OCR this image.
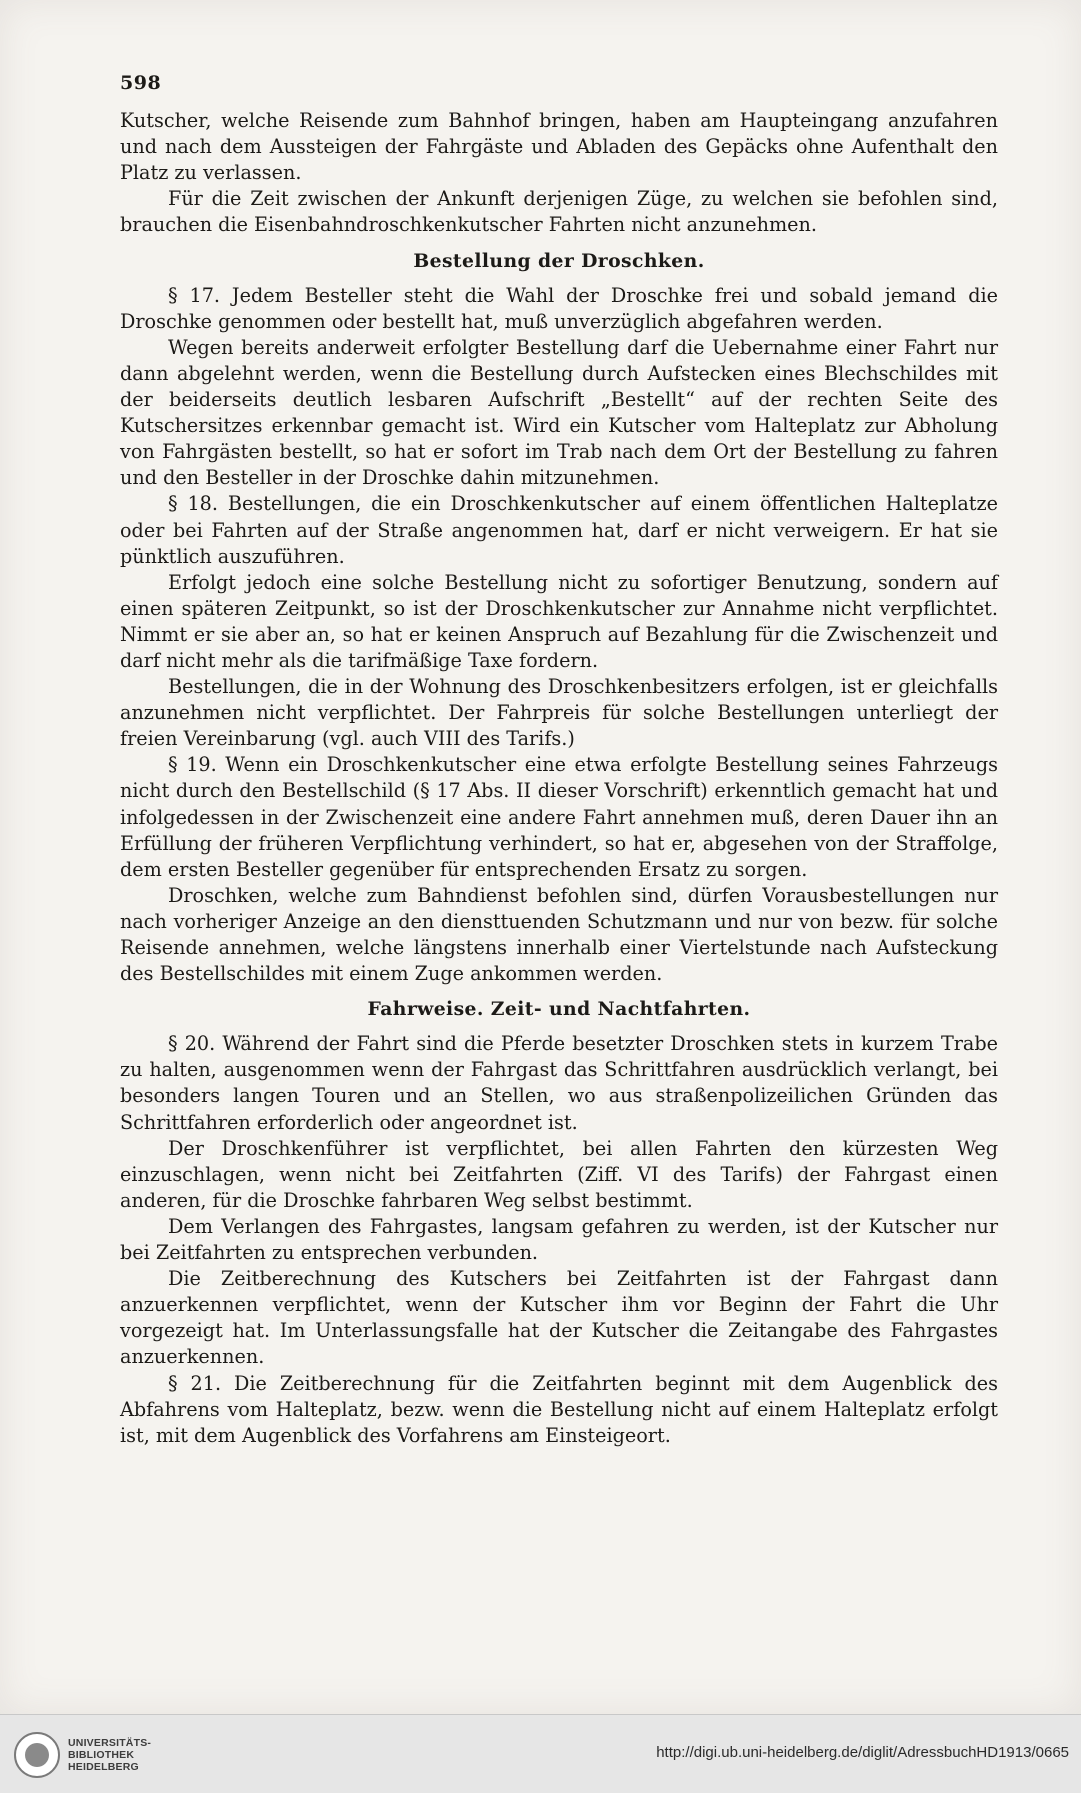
598

Kutscher, welche Reisende zum Bahnhof bringen, haben am Haupteingang anzufahren und nach dem Aussteigen der Fahrgäste und Abladen des Gepäcks ohne Aufenthalt den Platz zu verlassen.

Für die Zeit zwischen der Ankunft derjenigen Züge, zu welchen sie befohlen sind, brauchen die Eisenbahndroschkenkutscher Fahrten nicht anzunehmen.

Bestellung der Droschken.

§ 17. Jedem Besteller steht die Wahl der Droschke frei und sobald jemand die Droschke genommen oder bestellt hat, muß unverzüglich abgefahren werden.

Wegen bereits anderweit erfolgter Bestellung darf die Uebernahme einer Fahrt nur dann abgelehnt werden, wenn die Bestellung durch Aufstecken eines Blechschildes mit der beiderseits deutlich lesbaren Aufschrift „Bestellt“ auf der rechten Seite des Kutschersitzes erkennbar gemacht ist. Wird ein Kutscher vom Halteplatz zur Abholung von Fahrgästen bestellt, so hat er sofort im Trab nach dem Ort der Bestellung zu fahren und den Besteller in der Droschke dahin mitzunehmen.

§ 18. Bestellungen, die ein Droschkenkutscher auf einem öffentlichen Halteplatze oder bei Fahrten auf der Straße angenommen hat, darf er nicht verweigern. Er hat sie pünktlich auszuführen.

Erfolgt jedoch eine solche Bestellung nicht zu sofortiger Benutzung, sondern auf einen späteren Zeitpunkt, so ist der Droschkenkutscher zur Annahme nicht verpflichtet. Nimmt er sie aber an, so hat er keinen Anspruch auf Bezahlung für die Zwischenzeit und darf nicht mehr als die tarifmäßige Taxe fordern.

Bestellungen, die in der Wohnung des Droschkenbesitzers erfolgen, ist er gleichfalls anzunehmen nicht verpflichtet. Der Fahrpreis für solche Bestellungen unterliegt der freien Vereinbarung (vgl. auch VIII des Tarifs.)

§ 19. Wenn ein Droschkenkutscher eine etwa erfolgte Bestellung seines Fahrzeugs nicht durch den Bestellschild (§ 17 Abs. II dieser Vorschrift) erkenntlich gemacht hat und infolgedessen in der Zwischenzeit eine andere Fahrt annehmen muß, deren Dauer ihn an Erfüllung der früheren Verpflichtung verhindert, so hat er, abgesehen von der Straffolge, dem ersten Besteller gegenüber für entsprechenden Ersatz zu sorgen.

Droschken, welche zum Bahndienst befohlen sind, dürfen Vorausbestellungen nur nach vorheriger Anzeige an den diensttuenden Schutzmann und nur von bezw. für solche Reisende annehmen, welche längstens innerhalb einer Viertelstunde nach Aufsteckung des Bestellschildes mit einem Zuge ankommen werden.

Fahrweise. Zeit- und Nachtfahrten.

§ 20. Während der Fahrt sind die Pferde besetzter Droschken stets in kurzem Trabe zu halten, ausgenommen wenn der Fahrgast das Schrittfahren ausdrücklich verlangt, bei besonders langen Touren und an Stellen, wo aus straßenpolizeilichen Gründen das Schrittfahren erforderlich oder angeordnet ist.

Der Droschkenführer ist verpflichtet, bei allen Fahrten den kürzesten Weg einzuschlagen, wenn nicht bei Zeitfahrten (Ziff. VI des Tarifs) der Fahrgast einen anderen, für die Droschke fahrbaren Weg selbst bestimmt.

Dem Verlangen des Fahrgastes, langsam gefahren zu werden, ist der Kutscher nur bei Zeitfahrten zu entsprechen verbunden.

Die Zeitberechnung des Kutschers bei Zeitfahrten ist der Fahrgast dann anzuerkennen verpflichtet, wenn der Kutscher ihm vor Beginn der Fahrt die Uhr vorgezeigt hat. Im Unterlassungsfalle hat der Kutscher die Zeitangabe des Fahrgastes anzuerkennen.

§ 21. Die Zeitberechnung für die Zeitfahrten beginnt mit dem Augenblick des Abfahrens vom Halteplatz, bezw. wenn die Bestellung nicht auf einem Halteplatz erfolgt ist, mit dem Augenblick des Vorfahrens am Einsteigeort.

UNIVERSITÄTS-
BIBLIOTHEK
HEIDELBERG
http://digi.ub.uni-heidelberg.de/diglit/AdressbuchHD1913/0665
